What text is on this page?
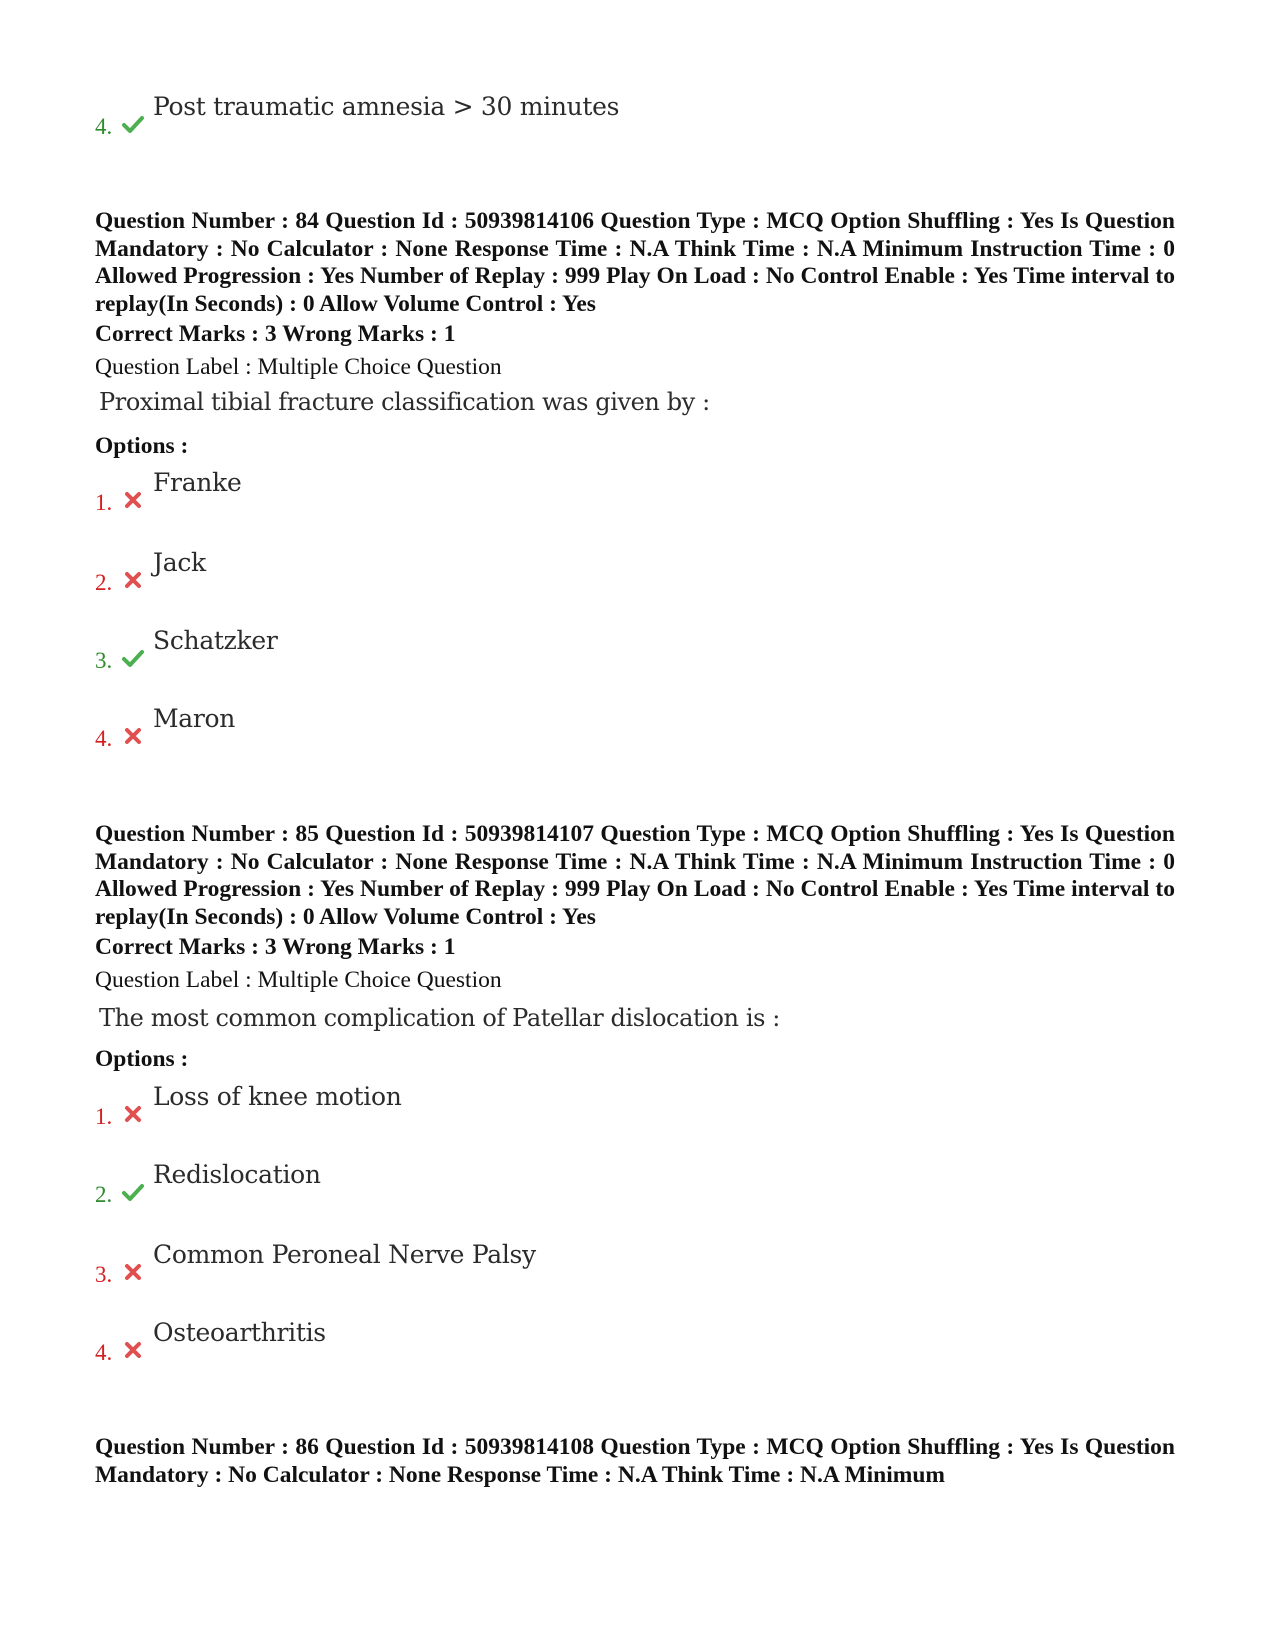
4.
Post traumatic amnesia > 30 minutes
Question Number : 84 Question Id : 50939814106 Question Type : MCQ Option Shuffling : Yes Is Question Mandatory : No Calculator : None Response Time : N.A Think Time : N.A Minimum Instruction Time : 0 Allowed Progression : Yes Number of Replay : 999 Play On Load : No Control Enable : Yes Time interval to replay(In Seconds) : 0 Allow Volume Control : Yes
Correct Marks : 3 Wrong Marks : 1
Question Label : Multiple Choice Question
Proximal tibial fracture classification was given by :
Options :
1.
Franke
2.
Jack
3.
Schatzker
4.
Maron
Question Number : 85 Question Id : 50939814107 Question Type : MCQ Option Shuffling : Yes Is Question Mandatory : No Calculator : None Response Time : N.A Think Time : N.A Minimum Instruction Time : 0 Allowed Progression : Yes Number of Replay : 999 Play On Load : No Control Enable : Yes Time interval to replay(In Seconds) : 0 Allow Volume Control : Yes
Correct Marks : 3 Wrong Marks : 1
Question Label : Multiple Choice Question
The most common complication of Patellar dislocation is :
Options :
1.
Loss of knee motion
2.
Redislocation
3.
Common Peroneal Nerve Palsy
4.
Osteoarthritis
Question Number : 86 Question Id : 50939814108 Question Type : MCQ Option Shuffling : Yes Is Question Mandatory : No Calculator : None Response Time : N.A Think Time : N.A Minimum
